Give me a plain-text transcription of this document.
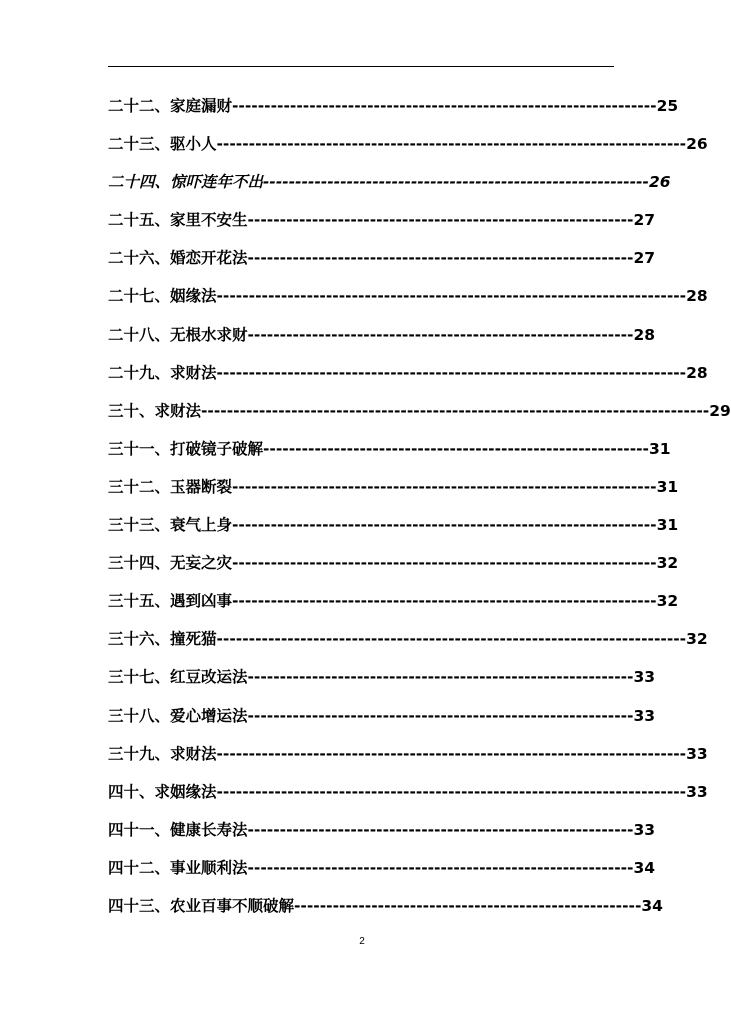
二十二、家庭漏财------------------------------------------------------------------25
二十三、驱小人-------------------------------------------------------------------------26
二十四、惊吓连年不出------------------------------------------------------------26
二十五、家里不安生------------------------------------------------------------27
二十六、婚恋开花法------------------------------------------------------------27
二十七、姻缘法-------------------------------------------------------------------------28
二十八、无根水求财------------------------------------------------------------28
二十九、求财法-------------------------------------------------------------------------28
三十、求财法-------------------------------------------------------------------------------29
三十一、打破镜子破解------------------------------------------------------------31
三十二、玉器断裂------------------------------------------------------------------31
三十三、衰气上身------------------------------------------------------------------31
三十四、无妄之灾------------------------------------------------------------------32
三十五、遇到凶事------------------------------------------------------------------32
三十六、撞死猫-------------------------------------------------------------------------32
三十七、红豆改运法------------------------------------------------------------33
三十八、爱心增运法------------------------------------------------------------33
三十九、求财法-------------------------------------------------------------------------33
四十、求姻缘法-------------------------------------------------------------------------33
四十一、健康长寿法------------------------------------------------------------33
四十二、事业顺利法------------------------------------------------------------34
四十三、农业百事不顺破解------------------------------------------------------34
2
